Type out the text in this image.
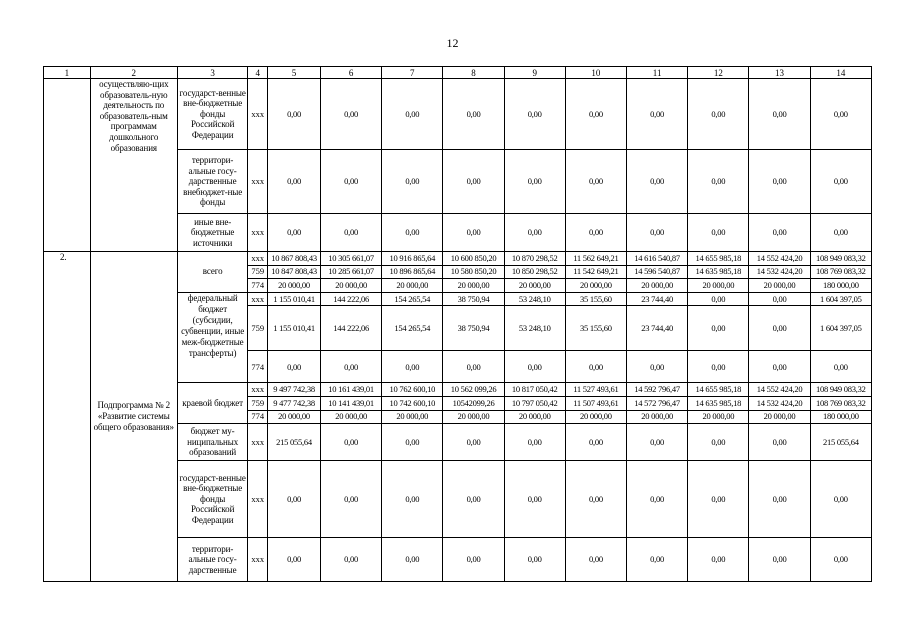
12
1	2	3	4	5	6	7	8	9	10	11	12	13	14
	осуществляю-щих образователь-ную деятельность по образователь-ным программам дошкольного образования	государст-венные вне-бюджетные фонды Российской Федерации	xxx	0,00	0,00	0,00	0,00	0,00	0,00	0,00	0,00	0,00	0,00
		территори-альные госу-дарственные внебюджет-ные фонды	xxx	0,00	0,00	0,00	0,00	0,00	0,00	0,00	0,00	0,00	0,00
		иные вне-бюджетные источники	xxx	0,00	0,00	0,00	0,00	0,00	0,00	0,00	0,00	0,00	0,00
2.	Подпрограмма № 2 «Развитие системы общего образования»	всего	xxx	10 867 808,43	10 305 661,07	10 916 865,64	10 600 850,20	10 870 298,52	11 562 649,21	14 616 540,87	14 655 985,18	14 552 424,20	108 949 083,32
			759	10 847 808,43	10 285 661,07	10 896 865,64	10 580 850,20	10 850 298,52	11 542 649,21	14 596 540,87	14 635 985,18	14 532 424,20	108 769 083,32
			774	20 000,00	20 000,00	20 000,00	20 000,00	20 000,00	20 000,00	20 000,00	20 000,00	20 000,00	180 000,00
		федеральный бюджет (субсидии, субвенции, иные меж-бюджетные трансферты)	xxx	1 155 010,41	144 222,06	154 265,54	38 750,94	53 248,10	35 155,60	23 744,40	0,00	0,00	1 604 397,05
			759	1 155 010,41	144 222,06	154 265,54	38 750,94	53 248,10	35 155,60	23 744,40	0,00	0,00	1 604 397,05
			774	0,00	0,00	0,00	0,00	0,00	0,00	0,00	0,00	0,00	0,00
		краевой бюджет	xxx	9 497 742,38	10 161 439,01	10 762 600,10	10 562 099,26	10 817 050,42	11 527 493,61	14 592 796,47	14 655 985,18	14 552 424,20	108 949 083,32
			759	9 477 742,38	10 141 439,01	10 742 600,10	10542099,26	10 797 050,42	11 507 493,61	14 572 796,47	14 635 985,18	14 532 424,20	108 769 083,32
			774	20 000,00	20 000,00	20 000,00	20 000,00	20 000,00	20 000,00	20 000,00	20 000,00	20 000,00	180 000,00
		бюджет му-ниципальных образований	xxx	215 055,64	0,00	0,00	0,00	0,00	0,00	0,00	0,00	0,00	215 055,64
		государст-венные вне-бюджетные фонды Российской Федерации	xxx	0,00	0,00	0,00	0,00	0,00	0,00	0,00	0,00	0,00	0,00
		территори-альные госу-дарственные	xxx	0,00	0,00	0,00	0,00	0,00	0,00	0,00	0,00	0,00	0,00
